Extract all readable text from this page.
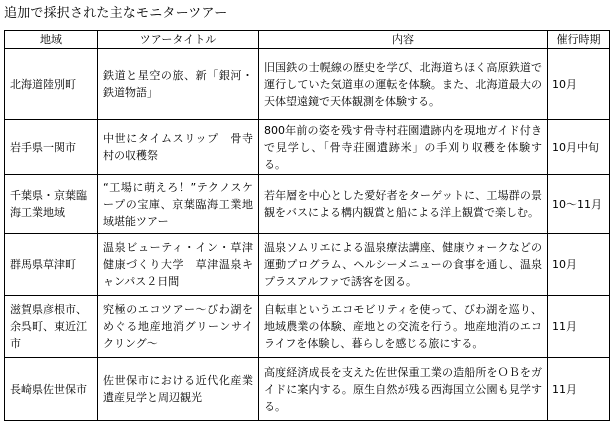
追加で採択された主なモニターツアー
地域	ツアータイトル	内容	催行時期
北海道陸別町	鉄道と星空の旅、新「銀河・鉄道物語」	旧国鉄の士幌線の歴史を学び、北海道ちほく高原鉄道で運行していた気道車の運転を体験。また、北海道最大の天体望遠鏡で天体観測を体験する。	10月
岩手県一関市	中世にタイムスリップ　骨寺村の収穫祭	800年前の姿を残す骨寺村荘園遺跡内を現地ガイド付きで見学し、「骨寺荘園遺跡米」の手刈り収穫を体験する。	10月中旬
千葉県・京葉臨海工業地域	“工場に萌えろ！”テクノスケープの宝庫、京葉臨海工業地域堪能ツアー	若年層を中心とした愛好者をターゲットに、工場群の景観をバスによる構内観賞と船による洋上観賞で楽しむ。	10～11月
群馬県草津町	温泉ビューティ・イン・草津　健康づくり大学　草津温泉キャンパス２日間	温泉ソムリエによる温泉療法講座、健康ウォークなどの運動プログラム、ヘルシーメニューの食事を通し、温泉プラスアルファで誘客を図る。	10月
滋賀県彦根市、余呉町、東近江市	究極のエコツアー～びわ湖をめぐる地産地消グリーンサイクリング～	自転車というエコモビリティを使って、びわ湖を巡り、地域農業の体験、産地との交流を行う。地産地消のエコライフを体験し、暮らしを感じる旅にする。	11月
長崎県佐世保市	佐世保市における近代化産業遺産見学と周辺観光	高度経済成長を支えた佐世保重工業の造船所をＯＢをガイドに案内する。原生自然が残る西海国立公園も見学する。	11月
